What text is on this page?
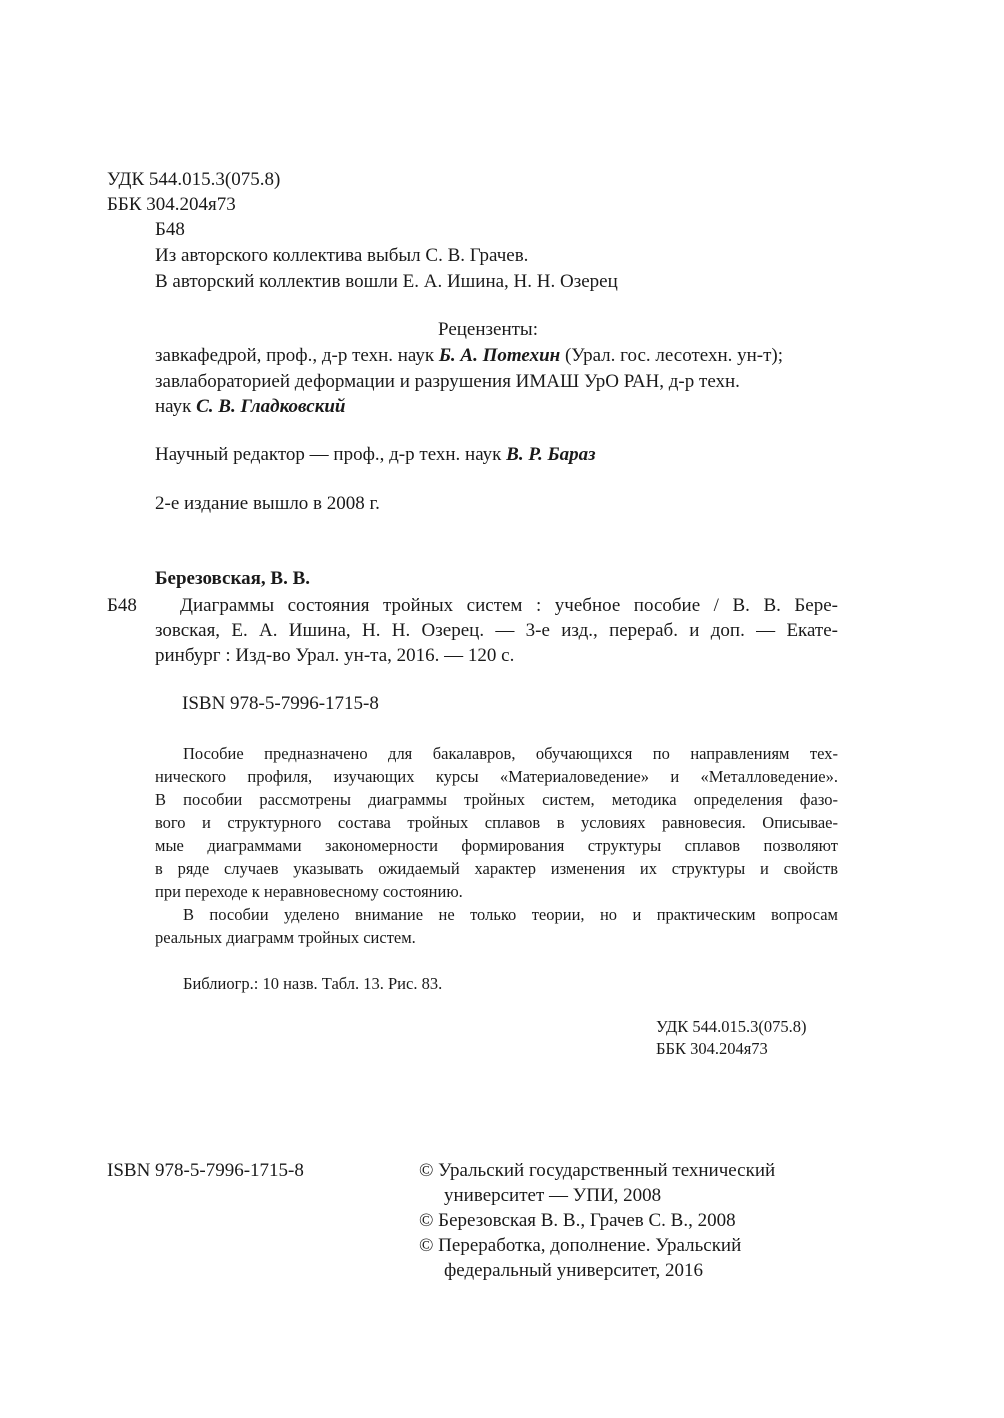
УДК 544.015.3(075.8)
ББК 304.204я73
Б48
Из авторского коллектива выбыл С. В. Грачев.
В авторский коллектив вошли Е. А. Ишина, Н. Н. Озерец
Рецензенты:
завкафедрой, проф., д-р техн. наук Б. А. Потехин (Урал. гос. лесотехн. ун-т);
завлабораторией деформации и разрушения ИМАШ УрО РАН, д-р техн.
наук С. В. Гладковский
Научный редактор — проф., д-р техн. наук В. Р. Бараз
2-е издание вышло в 2008 г.
Березовская, В. В.
Б48 Диаграммы состояния тройных систем : учебное пособие / В. В. Бере-
зовская, Е. А. Ишина, Н. Н. Озерец. — 3-е изд., перераб. и доп. — Екате-
ринбург : Изд-во Урал. ун-та, 2016. — 120 с.
ISBN 978-5-7996-1715-8
Пособие предназначено для бакалавров, обучающихся по направлениям тех-
нического профиля, изучающих курсы «Материаловедение» и «Металловедение».
В пособии рассмотрены диаграммы тройных систем, методика определения фазо-
вого и структурного состава тройных сплавов в условиях равновесия. Описывае-
мые диаграммами закономерности формирования структуры сплавов позволяют
в ряде случаев указывать ожидаемый характер изменения их структуры и свойств
при переходе к неравновесному состоянию.
В пособии уделено внимание не только теории, но и практическим вопросам
реальных диаграмм тройных систем.
Библиогр.: 10 назв. Табл. 13. Рис. 83.
УДК 544.015.3(075.8)
ББК 304.204я73
ISBN 978-5-7996-1715-8	© Уральский государственный технический
университет — УПИ, 2008
© Березовская В. В., Грачев С. В., 2008
© Переработка, дополнение. Уральский
федеральный университет, 2016
